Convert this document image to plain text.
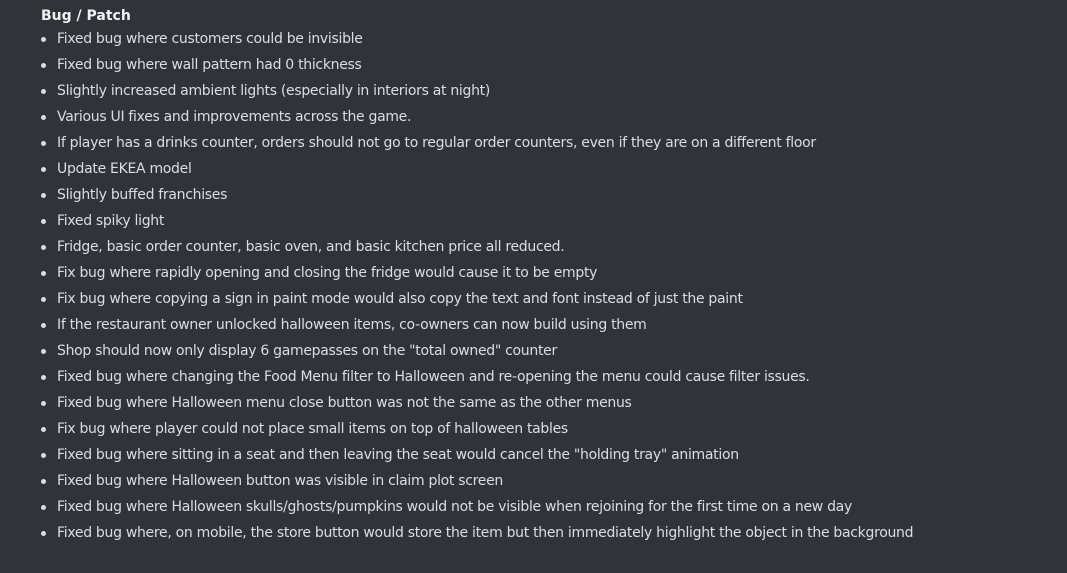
Bug / Patch
Fixed bug where customers could be invisible
Fixed bug where wall pattern had 0 thickness
Slightly increased ambient lights (especially in interiors at night)
Various UI fixes and improvements across the game.
If player has a drinks counter, orders should not go to regular order counters, even if they are on a different floor
Update EKEA model
Slightly buffed franchises
Fixed spiky light
Fridge, basic order counter, basic oven, and basic kitchen price all reduced.
Fix bug where rapidly opening and closing the fridge would cause it to be empty
Fix bug where copying a sign in paint mode would also copy the text and font instead of just the paint
If the restaurant owner unlocked halloween items, co-owners can now build using them
Shop should now only display 6 gamepasses on the "total owned" counter
Fixed bug where changing the Food Menu filter to Halloween and re-opening the menu could cause filter issues.
Fixed bug where Halloween menu close button was not the same as the other menus
Fix bug where player could not place small items on top of halloween tables
Fixed bug where sitting in a seat and then leaving the seat would cancel the "holding tray" animation
Fixed bug where Halloween button was visible in claim plot screen
Fixed bug where Halloween skulls/ghosts/pumpkins would not be visible when rejoining for the first time on a new day
Fixed bug where, on mobile, the store button would store the item but then immediately highlight the object in the background
